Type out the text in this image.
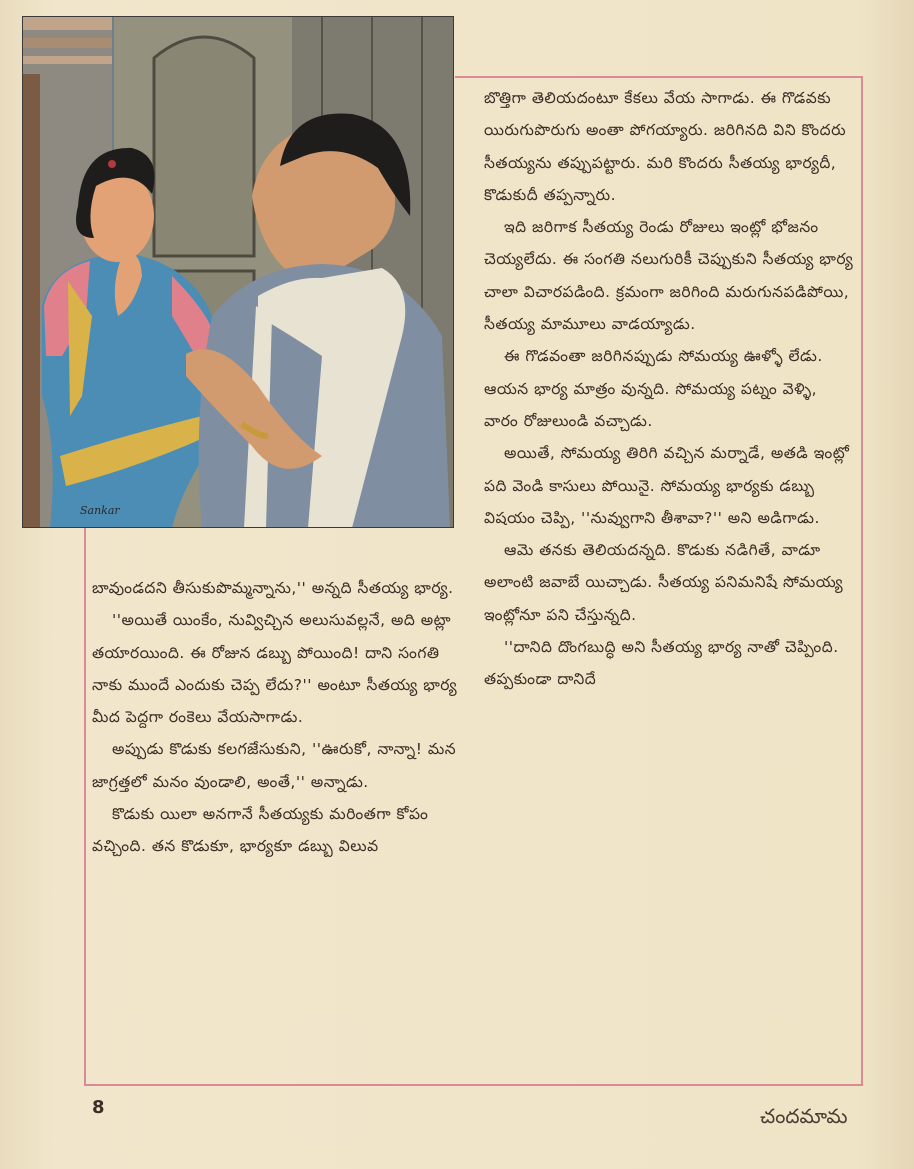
Sankar

బొత్తిగా తెలియదంటూ కేకలు వేయ సాగాడు. ఈ గొడవకు యిరుగుపొరుగు అంతా పోగయ్యారు. జరిగినది విని కొందరు సీతయ్యను తప్పుపట్టారు. మరి కొందరు సీతయ్య భార్యదీ, కొడుకుదీ తప్పన్నారు.

ఇది జరిగాక సీతయ్య రెండు రోజులు ఇంట్లో భోజనం చెయ్యలేదు. ఈ సంగతి నలుగురికీ చెప్పుకుని సీతయ్య భార్య చాలా విచారపడింది. క్రమంగా జరిగింది మరుగునపడిపోయి, సీతయ్య మామూలు వాడయ్యాడు.

ఈ గొడవంతా జరిగినప్పుడు సోమయ్య ఊళ్ళో లేడు. ఆయన భార్య మాత్రం వున్నది. సోమయ్య పట్నం వెళ్ళి, వారం రోజులుండి వచ్చాడు.

అయితే, సోమయ్య తిరిగి వచ్చిన మర్నాడే, అతడి ఇంట్లో పది వెండి కాసులు పోయినై. సోమయ్య భార్యకు డబ్బు విషయం చెప్పి, ''నువ్వుగాని తీశావా?'' అని అడిగాడు.

ఆమె తనకు తెలియదన్నది. కొడుకు నడిగితే, వాడూ అలాంటి జవాబే యిచ్చాడు. సీతయ్య పనిమనిషే సోమయ్య ఇంట్లోనూ పని చేస్తున్నది.

''దానిది దొంగబుద్ధి అని సీతయ్య భార్య నాతో చెప్పింది. తప్పకుండా దానిదే

బావుండదని తీసుకుపొమ్మన్నాను,'' అన్నది సీతయ్య భార్య.

''అయితే యింకేం, నువ్విచ్చిన అలుసువల్లనే, అది అట్లా తయారయింది. ఈ రోజున డబ్బు పోయింది! దాని సంగతి నాకు ముందే ఎందుకు చెప్ప లేదు?'' అంటూ సీతయ్య భార్య మీద పెద్దగా రంకెలు వేయసాగాడు.

అప్పుడు కొడుకు కలగజేసుకుని, ''ఊరుకో, నాన్నా! మన జాగ్రత్తలో మనం వుండాలి, అంతే,'' అన్నాడు.

కొడుకు యిలా అనగానే సీతయ్యకు మరింతగా కోపం వచ్చింది. తన కొడుకూ, భార్యకూ డబ్బు విలువ

8	చందమామ
